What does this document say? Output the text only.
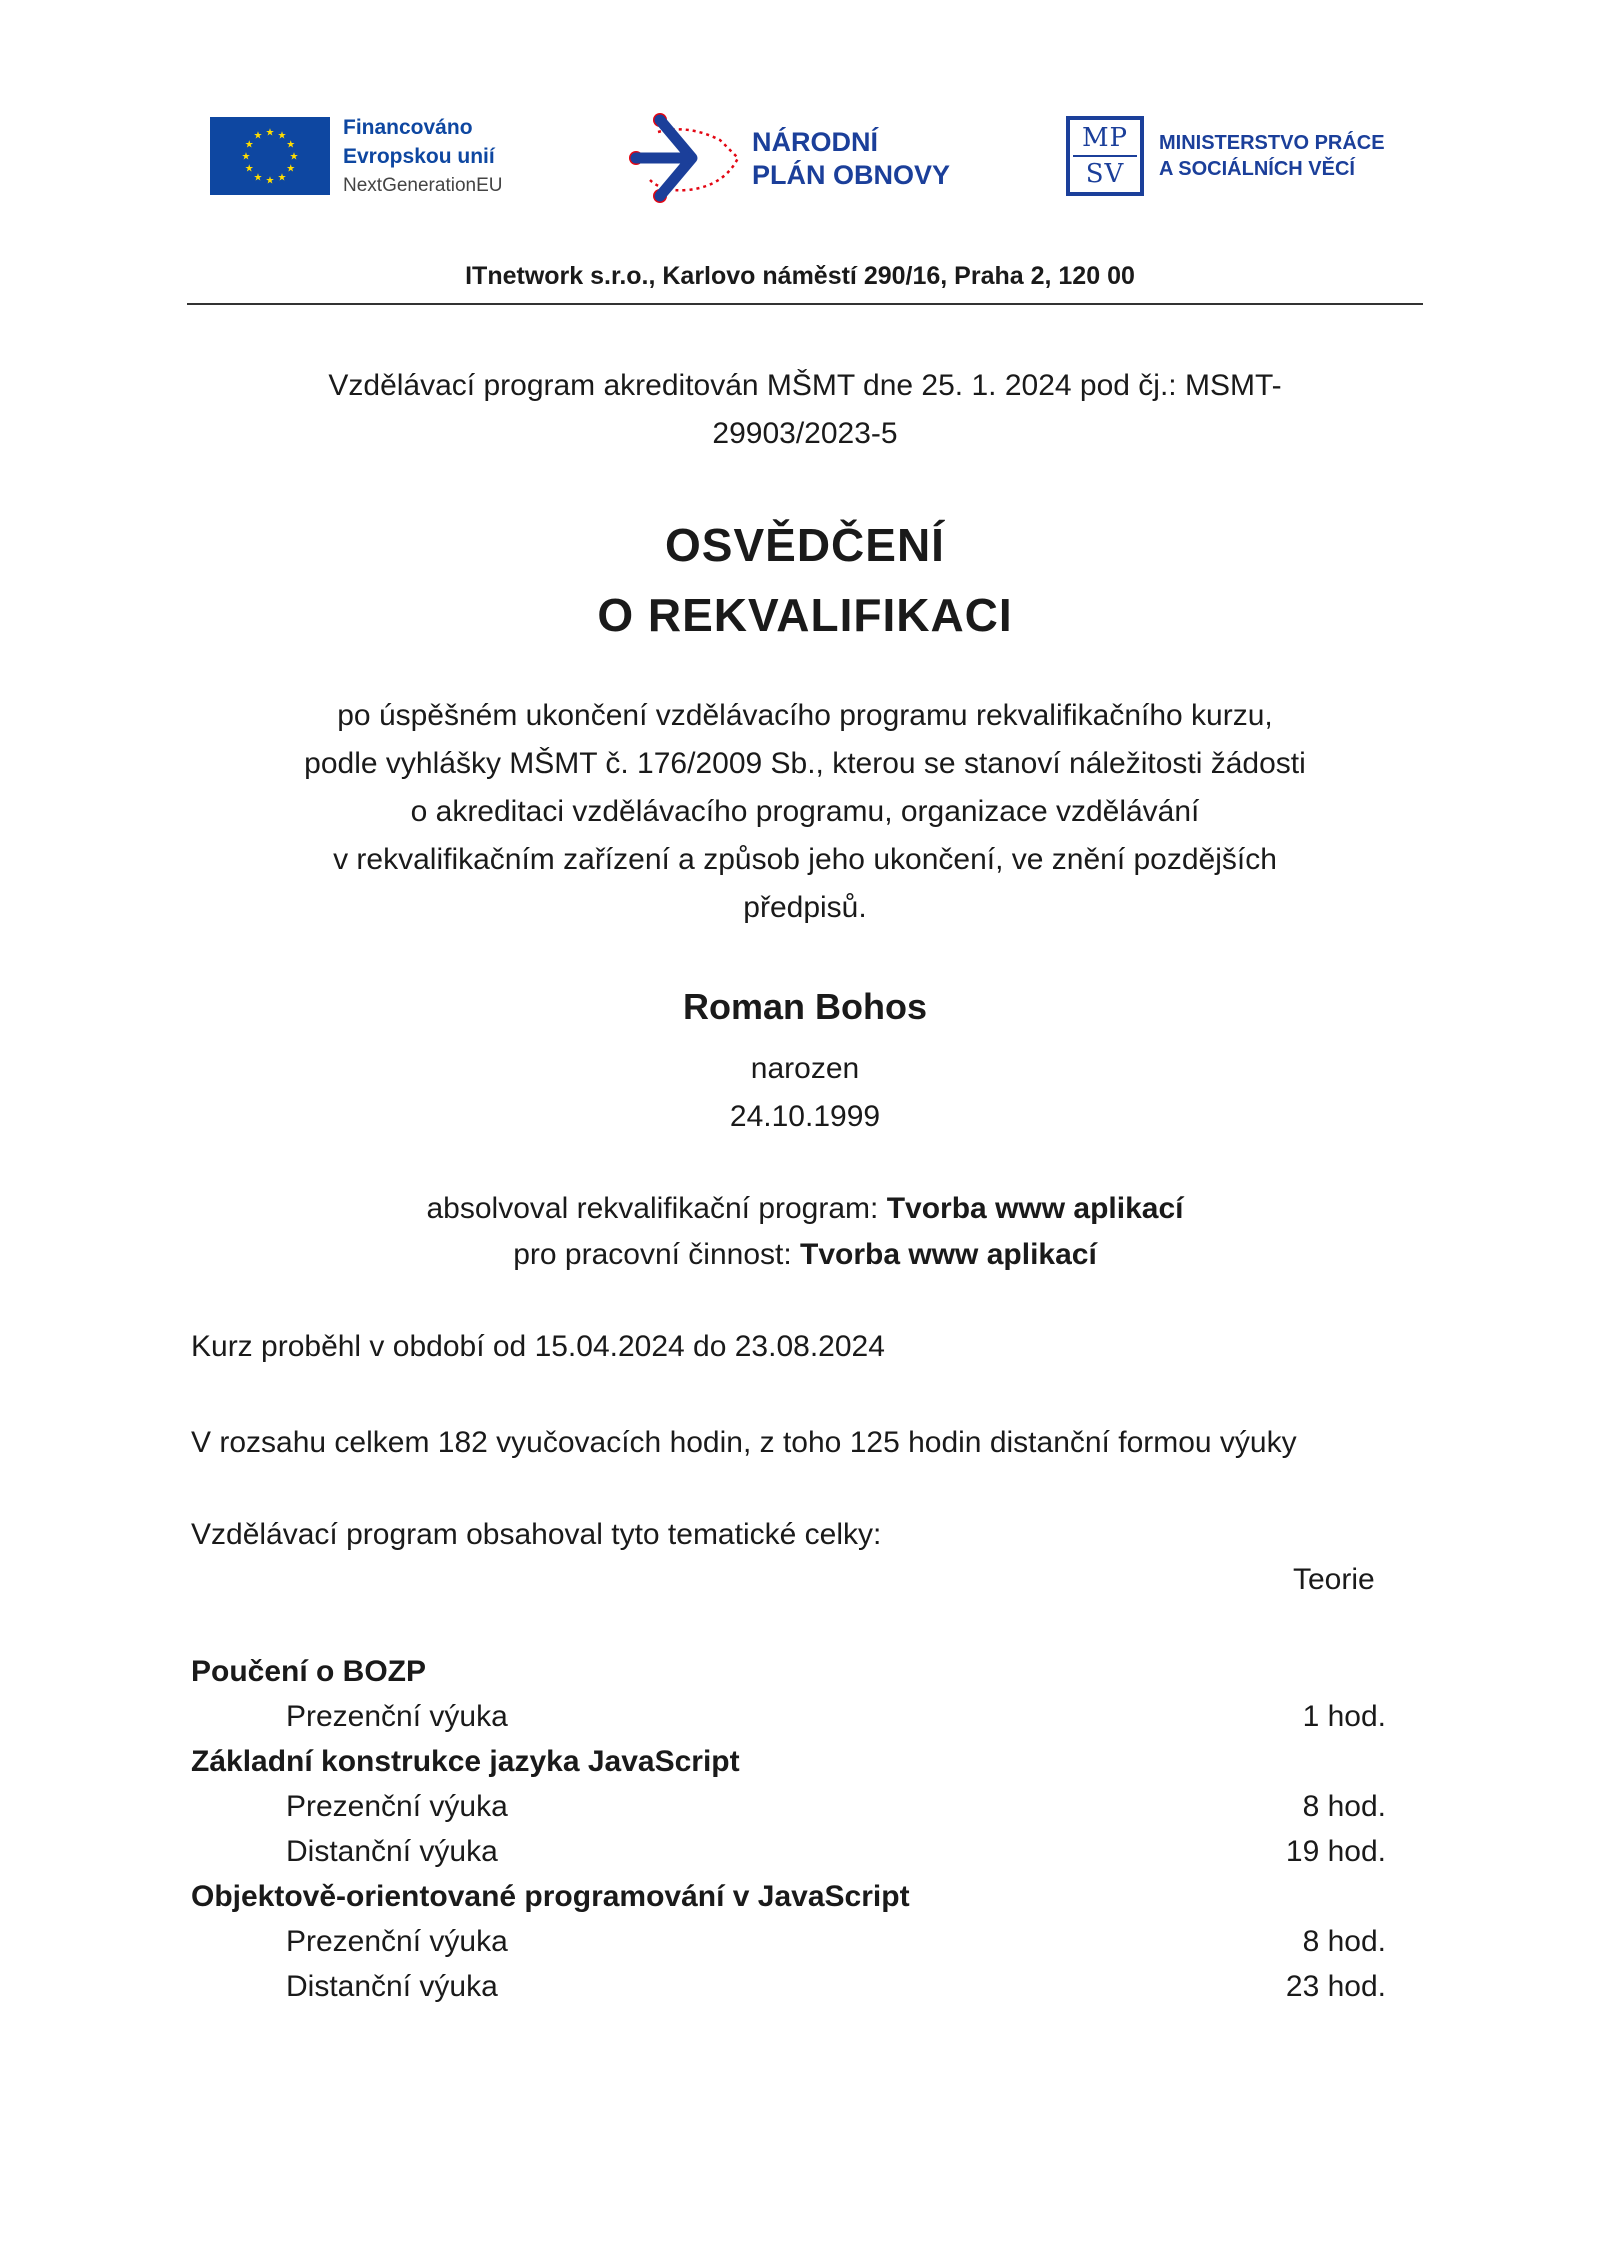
★ ★
★
★
★
★
★
★
★
★
★
★	Financováno
Evropskou unií
NextGenerationEU
NÁRODNÍ
PLÁN OBNOVY
MP
SV
MINISTERSTVO PRÁCE
A SOCIÁLNÍCH VĚCÍ
ITnetwork s.r.o., Karlovo náměstí 290/16, Praha 2, 120 00
Vzdělávací program akreditován MŠMT dne 25. 1. 2024 pod čj.: MSMT-
29903/2023-5
OSVĚDČENÍ
O REKVALIFIKACI
po úspěšném ukončení vzdělávacího programu rekvalifikačního kurzu,
podle vyhlášky MŠMT č. 176/2009 Sb., kterou se stanoví náležitosti žádosti
o akreditaci vzdělávacího programu, organizace vzdělávání
v rekvalifikačním zařízení a způsob jeho ukončení, ve znění pozdějších
předpisů.
Roman Bohos
narozen
24.10.1999
absolvoval rekvalifikační program: Tvorba www aplikací
pro pracovní činnost: Tvorba www aplikací
Kurz proběhl v období od 15.04.2024 do 23.08.2024
V rozsahu celkem 182 vyučovacích hodin, z toho 125 hodin distanční formou výuky
Vzdělávací program obsahoval tyto tematické celky:
Teorie
Poučení o BOZP
Prezenční výuka	1 hod.
Základní konstrukce jazyka JavaScript
Prezenční výuka	8 hod.
Distanční výuka	19 hod.
Objektově-orientované programování v JavaScript
Prezenční výuka	8 hod.
Distanční výuka	23 hod.
